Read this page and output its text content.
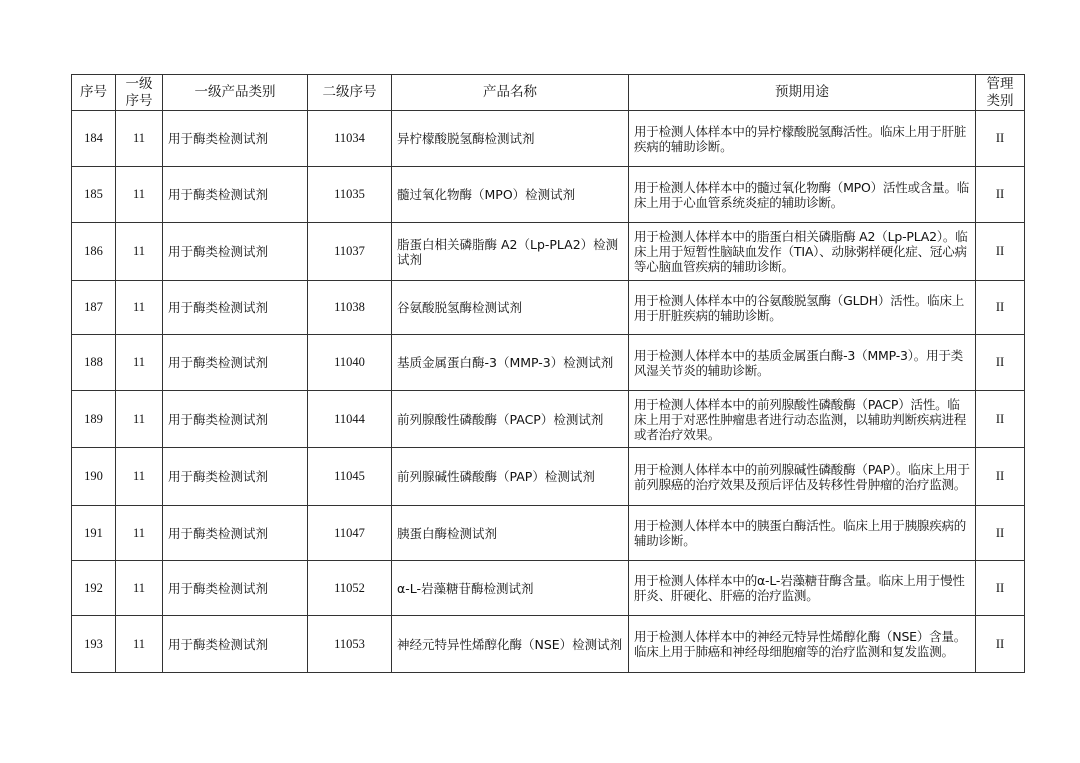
序号	一级序号	一级产品类别	二级序号	产品名称	预期用途	管理类别
184	11	用于酶类检测试剂	11034	异柠檬酸脱氢酶检测试剂	用于检测人体样本中的异柠檬酸脱氢酶活性。临床上用于肝脏疾病的辅助诊断。	II
185	11	用于酶类检测试剂	11035	髓过氧化物酶（MPO）检测试剂	用于检测人体样本中的髓过氧化物酶（MPO）活性或含量。临床上用于心血管系统炎症的辅助诊断。	II
186	11	用于酶类检测试剂	11037	脂蛋白相关磷脂酶 A2（Lp-PLA2）检测试剂	用于检测人体样本中的脂蛋白相关磷脂酶 A2（Lp-PLA2）。临床上用于短暂性脑缺血发作（TIA）、动脉粥样硬化症、冠心病等心脑血管疾病的辅助诊断。	II
187	11	用于酶类检测试剂	11038	谷氨酸脱氢酶检测试剂	用于检测人体样本中的谷氨酸脱氢酶（GLDH）活性。临床上用于肝脏疾病的辅助诊断。	II
188	11	用于酶类检测试剂	11040	基质金属蛋白酶-3（MMP-3）检测试剂	用于检测人体样本中的基质金属蛋白酶-3（MMP-3）。用于类风湿关节炎的辅助诊断。	II
189	11	用于酶类检测试剂	11044	前列腺酸性磷酸酶（PACP）检测试剂	用于检测人体样本中的前列腺酸性磷酸酶（PACP）活性。临床上用于对恶性肿瘤患者进行动态监测，以辅助判断疾病进程或者治疗效果。	II
190	11	用于酶类检测试剂	11045	前列腺碱性磷酸酶（PAP）检测试剂	用于检测人体样本中的前列腺碱性磷酸酶（PAP）。临床上用于前列腺癌的治疗效果及预后评估及转移性骨肿瘤的治疗监测。	II
191	11	用于酶类检测试剂	11047	胰蛋白酶检测试剂	用于检测人体样本中的胰蛋白酶活性。临床上用于胰腺疾病的辅助诊断。	II
192	11	用于酶类检测试剂	11052	α-L-岩藻糖苷酶检测试剂	用于检测人体样本中的α-L-岩藻糖苷酶含量。临床上用于慢性肝炎、肝硬化、肝癌的治疗监测。	II
193	11	用于酶类检测试剂	11053	神经元特异性烯醇化酶（NSE）检测试剂	用于检测人体样本中的神经元特异性烯醇化酶（NSE）含量。临床上用于肺癌和神经母细胞瘤等的治疗监测和复发监测。	II
